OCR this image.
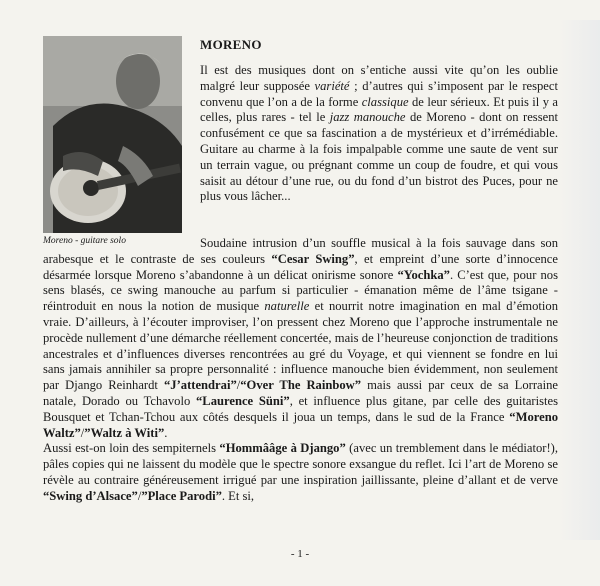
Moreno - guitare solo
MORENO

Il est des musiques dont on s’entiche aussi vite qu’on les oublie malgré leur supposée variété ; d’autres qui s’imposent par le respect convenu que l’on a de la forme classique de leur sérieux. Et puis il y a celles, plus rares - tel le jazz manouche de Moreno - dont on ressent confusément ce que sa fascination a de mystérieux et d’irrémédiable. Guitare au charme à la fois impalpable comme une saute de vent sur un terrain vague, ou prégnant comme un coup de foudre, et qui vous saisit au détour d’une rue, ou du fond d’un bistrot des Puces, pour ne plus vous lâcher...

Soudaine intrusion d’un souffle musical à la fois sauvage dans son arabesque et le contraste de ses couleurs “Cesar Swing”, et empreint d’une sorte d’innocence désarmée lorsque Moreno s’abandonne à un délicat onirisme sonore “Yochka”. C’est que, pour nos sens blasés, ce swing manouche au parfum si particulier - émanation même de l’âme tsigane - réintroduit en nous la notion de musique naturelle et nourrit notre imagination en mal d’émotion vraie. D’ailleurs, à l’écouter improviser, l’on pressent chez Moreno que l’approche instrumentale ne procède nullement d’une démarche réellement concertée, mais de l’heureuse conjonction de traditions ancestrales et d’influences diverses rencontrées au gré du Voyage, et qui viennent se fondre en lui sans jamais annihiler sa propre personnalité : influence manouche bien évidemment, non seulement par Django Reinhardt “J’attendrai”/“Over The Rainbow” mais aussi par ceux de sa Lorraine natale, Dorado ou Tchavolo “Laurence Süni”, et influence plus gitane, par celle des guitaristes Bousquet et Tchan-Tchou aux côtés desquels il joua un temps, dans le sud de la France “Moreno Waltz”/”Waltz à Witi”.

Aussi est-on loin des sempiternels “Hommââge à Django” (avec un tremblement dans le médiator!), pâles copies qui ne laissent du modèle que le spectre sonore exsangue du reflet. Ici l’art de Moreno se révèle au contraire généreusement irrigué par une inspiration jaillissante, pleine d’allant et de verve “Swing d’Alsace”/”Place Parodi”. Et si,

- 1 -
